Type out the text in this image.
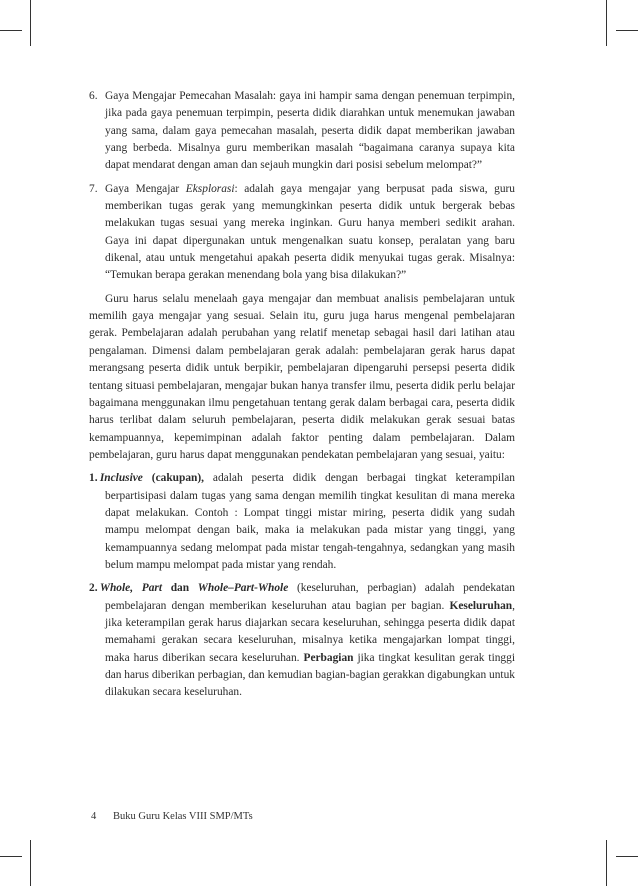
6. Gaya Mengajar Pemecahan Masalah: gaya ini hampir sama dengan penemuan terpimpin, jika pada gaya penemuan terpimpin, peserta didik diarahkan untuk menemukan jawaban yang sama, dalam gaya pemecahan masalah, peserta didik dapat memberikan jawaban yang berbeda. Misalnya guru memberikan masalah “bagaimana caranya supaya kita dapat mendarat dengan aman dan sejauh mungkin dari posisi sebelum melompat?”
7. Gaya Mengajar Eksplorasi: adalah gaya mengajar yang berpusat pada siswa, guru memberikan tugas gerak yang memungkinkan peserta didik untuk bergerak bebas melakukan tugas sesuai yang mereka inginkan. Guru hanya memberi sedikit arahan. Gaya ini dapat dipergunakan untuk mengenalkan suatu konsep, peralatan yang baru dikenal, atau untuk mengetahui apakah peserta didik menyukai tugas gerak. Misalnya: “Temukan berapa gerakan menendang bola yang bisa dilakukan?”
Guru harus selalu menelaah gaya mengajar dan membuat analisis pembelajaran untuk memilih gaya mengajar yang sesuai. Selain itu, guru juga harus mengenal pembelajaran gerak. Pembelajaran adalah perubahan yang relatif menetap sebagai hasil dari latihan atau pengalaman. Dimensi dalam pembelajaran gerak adalah: pembelajaran gerak harus dapat merangsang peserta didik untuk berpikir, pembelajaran dipengaruhi persepsi peserta didik tentang situasi pembelajaran, mengajar bukan hanya transfer ilmu, peserta didik perlu belajar bagaimana menggunakan ilmu pengetahuan tentang gerak dalam berbagai cara, peserta didik harus terlibat dalam seluruh pembelajaran, peserta didik melakukan gerak sesuai batas kemampuannya, kepemimpinan adalah faktor penting dalam pembelajaran. Dalam pembelajaran, guru harus dapat menggunakan pendekatan pembelajaran yang sesuai, yaitu:
1.  Inclusive (cakupan), adalah peserta didik dengan berbagai tingkat keterampilan berpartisipasi dalam tugas yang sama dengan memilih tingkat kesulitan di mana mereka dapat melakukan. Contoh : Lompat tinggi mistar miring, peserta didik yang sudah mampu melompat dengan baik, maka ia melakukan pada mistar yang tinggi, yang kemampuannya sedang melompat pada mistar tengah-tengahnya, sedangkan yang masih belum mampu melompat pada mistar yang rendah.
2.  Whole, Part dan Whole–Part-Whole (keseluruhan, perbagian) adalah pendekatan pembelajaran dengan memberikan keseluruhan atau bagian per bagian. Keseluruhan, jika keterampilan gerak harus diajarkan secara keseluruhan, sehingga peserta didik dapat memahami gerakan secara keseluruhan, misalnya ketika mengajarkan lompat tinggi, maka harus diberikan secara keseluruhan. Perbagian jika tingkat kesulitan gerak tinggi dan harus diberikan perbagian, dan kemudian bagian-bagian gerakkan digabungkan untuk dilakukan secara keseluruhan.
4 Buku Guru Kelas VIII SMP/MTs
